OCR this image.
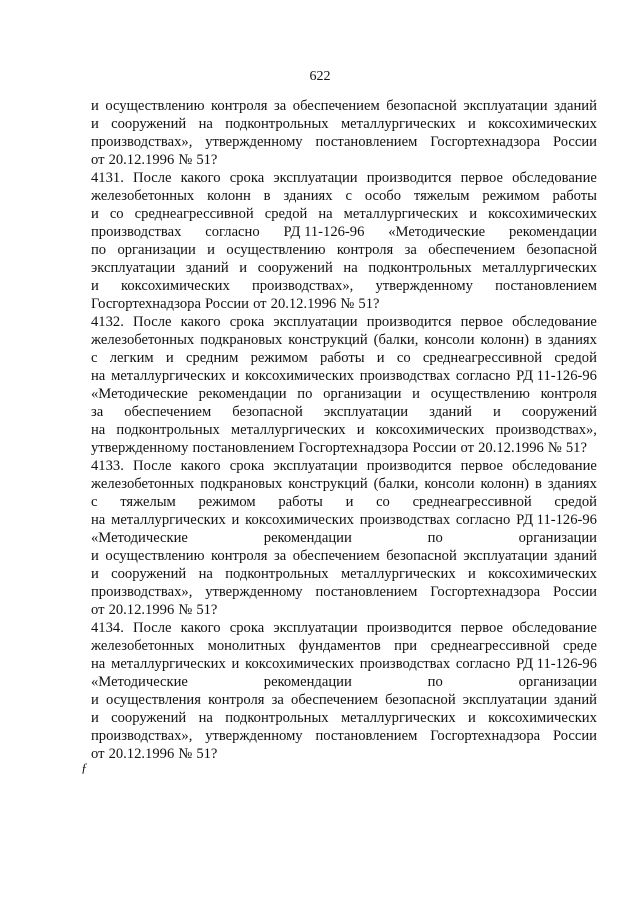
622
и осуществлению контроля за обеспечением безопасной эксплуатации зданий
и сооружений на подконтрольных металлургических и коксохимических
производствах», утвержденному постановлением Госгортехнадзора России
от 20.12.1996 № 51?
4131. После какого срока эксплуатации производится первое обследование
железобетонных колонн в зданиях с особо тяжелым режимом работы
и со среднеагрессивной средой на металлургических и коксохимических
производствах согласно РД 11-126-96 «Методические рекомендации
по организации и осуществлению контроля за обеспечением безопасной
эксплуатации зданий и сооружений на подконтрольных металлургических
и коксохимических производствах», утвержденному постановлением
Госгортехнадзора России от 20.12.1996 № 51?
4132. После какого срока эксплуатации производится первое обследование
железобетонных подкрановых конструкций (балки, консоли колонн) в зданиях
с легким и средним режимом работы и со среднеагрессивной средой
на металлургических и коксохимических производствах согласно РД 11-126-96
«Методические рекомендации по организации и осуществлению контроля
за обеспечением безопасной эксплуатации зданий и сооружений
на подконтрольных металлургических и коксохимических производствах»,
утвержденному постановлением Госгортехнадзора России от 20.12.1996 № 51?
4133. После какого срока эксплуатации производится первое обследование
железобетонных подкрановых конструкций (балки, консоли колонн) в зданиях
с тяжелым режимом работы и со среднеагрессивной средой
на металлургических и коксохимических производствах согласно РД 11-126-96
«Методические	рекомендации	по	организации
и осуществлению контроля за обеспечением безопасной эксплуатации зданий
и сооружений на подконтрольных металлургических и коксохимических
производствах», утвержденному постановлением Госгортехнадзора России
от 20.12.1996 № 51?
4134. После какого срока эксплуатации производится первое обследование
железобетонных монолитных фундаментов при среднеагрессивной среде
на металлургических и коксохимических производствах согласно РД 11-126-96
«Методические	рекомендации	по	организации
и осуществления контроля за обеспечением безопасной эксплуатации зданий
и сооружений на подконтрольных металлургических и коксохимических
производствах», утвержденному постановлением Госгортехнадзора России
от 20.12.1996 № 51?
ƒ
